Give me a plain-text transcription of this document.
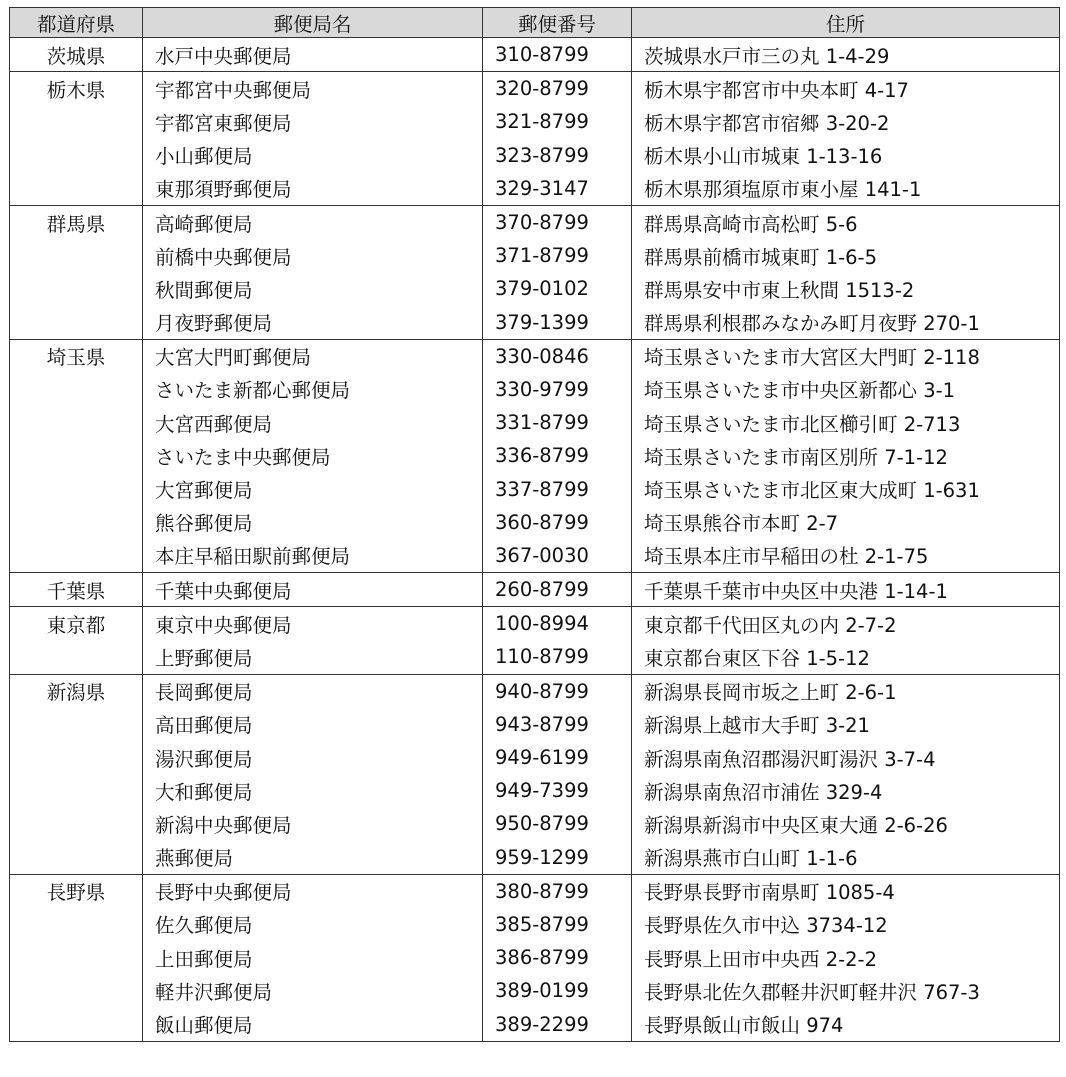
都道府県	郵便局名	郵便番号	住所
茨城県	水戸中央郵便局	310-8799	茨城県水戸市三の丸 1-4-29
栃木県	宇都宮中央郵便局	320-8799	栃木県宇都宮市中央本町 4-17
	宇都宮東郵便局	321-8799	栃木県宇都宮市宿郷 3-20-2
	小山郵便局	323-8799	栃木県小山市城東 1-13-16
	東那須野郵便局	329-3147	栃木県那須塩原市東小屋 141-1
群馬県	高崎郵便局	370-8799	群馬県高崎市高松町 5-6
	前橋中央郵便局	371-8799	群馬県前橋市城東町 1-6-5
	秋間郵便局	379-0102	群馬県安中市東上秋間 1513-2
	月夜野郵便局	379-1399	群馬県利根郡みなかみ町月夜野 270-1
埼玉県	大宮大門町郵便局	330-0846	埼玉県さいたま市大宮区大門町 2-118
	さいたま新都心郵便局	330-9799	埼玉県さいたま市中央区新都心 3-1
	大宮西郵便局	331-8799	埼玉県さいたま市北区櫛引町 2-713
	さいたま中央郵便局	336-8799	埼玉県さいたま市南区別所 7-1-12
	大宮郵便局	337-8799	埼玉県さいたま市北区東大成町 1-631
	熊谷郵便局	360-8799	埼玉県熊谷市本町 2-7
	本庄早稲田駅前郵便局	367-0030	埼玉県本庄市早稲田の杜 2-1-75
千葉県	千葉中央郵便局	260-8799	千葉県千葉市中央区中央港 1-14-1
東京都	東京中央郵便局	100-8994	東京都千代田区丸の内 2-7-2
	上野郵便局	110-8799	東京都台東区下谷 1-5-12
新潟県	長岡郵便局	940-8799	新潟県長岡市坂之上町 2-6-1
	高田郵便局	943-8799	新潟県上越市大手町 3-21
	湯沢郵便局	949-6199	新潟県南魚沼郡湯沢町湯沢 3-7-4
	大和郵便局	949-7399	新潟県南魚沼市浦佐 329-4
	新潟中央郵便局	950-8799	新潟県新潟市中央区東大通 2-6-26
	燕郵便局	959-1299	新潟県燕市白山町 1-1-6
長野県	長野中央郵便局	380-8799	長野県長野市南県町 1085-4
	佐久郵便局	385-8799	長野県佐久市中込 3734-12
	上田郵便局	386-8799	長野県上田市中央西 2-2-2
	軽井沢郵便局	389-0199	長野県北佐久郡軽井沢町軽井沢 767-3
	飯山郵便局	389-2299	長野県飯山市飯山 974
